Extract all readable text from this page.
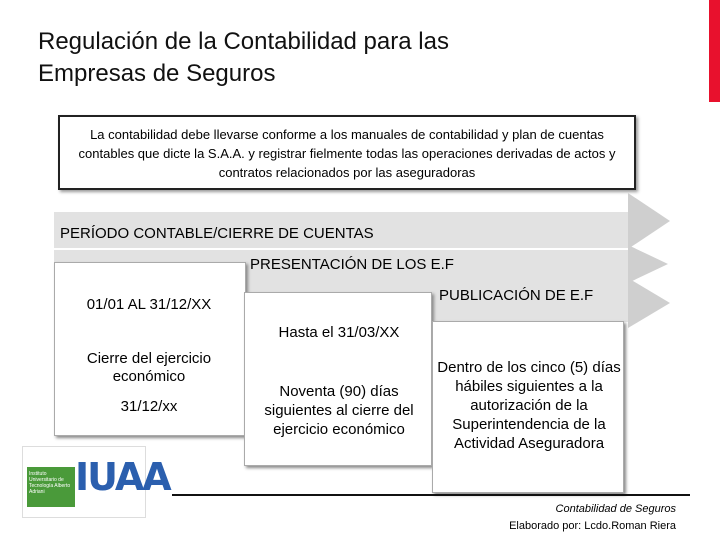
Regulación de la Contabilidad para las
Empresas de Seguros
La contabilidad debe llevarse conforme a los manuales de contabilidad y plan de cuentas contables que dicte la S.A.A. y registrar fielmente todas las operaciones derivadas de actos y contratos relacionados por las aseguradoras
PERÍODO CONTABLE/CIERRE DE CUENTAS
PRESENTACIÓN DE LOS E.F
PUBLICACIÓN DE E.F
01/01 AL 31/12/XX
Cierre del ejercicio económico
31/12/xx
Hasta el 31/03/XX
Noventa (90) días siguientes al cierre del ejercicio económico
Dentro de los cinco (5) días hábiles siguientes a la autorización de la Superintendencia de la Actividad Aseguradora
Contabilidad de Seguros
Elaborado por: Lcdo.Roman Riera
Instituto Universitario de Tecnología Alberto Adriani IUAA
